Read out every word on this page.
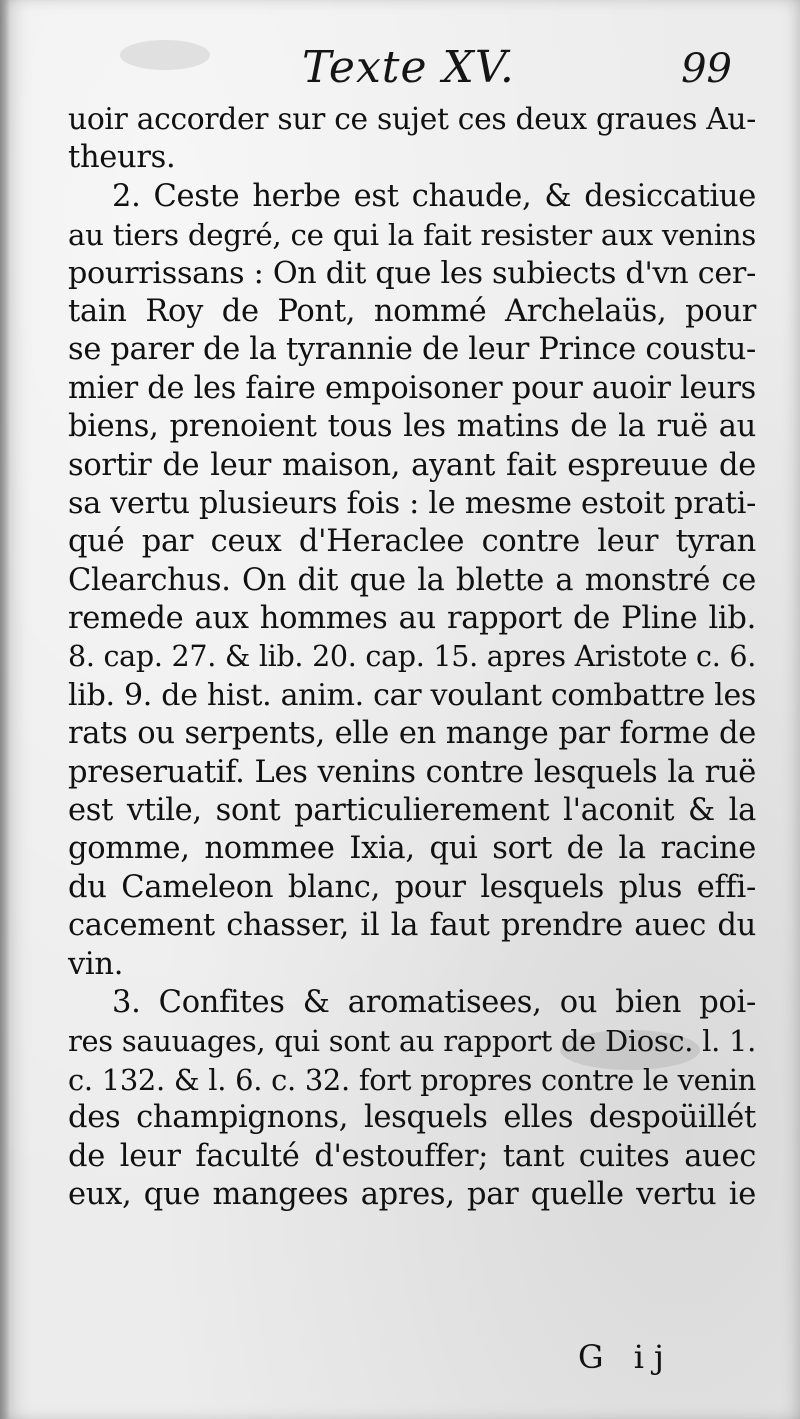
Texte XV.	99
uoir accorder sur ce sujet ces deux graues Au-
theurs.
2. Ceste herbe est chaude, & desiccatiue
au tiers degré, ce qui la fait resister aux venins
pourrissans : On dit que les subiects d'vn cer-
tain Roy de Pont, nommé Archelaüs, pour
se parer de la tyrannie de leur Prince coustu-
mier de les faire empoisoner pour auoir leurs
biens, prenoient tous les matins de la ruë au
sortir de leur maison, ayant fait espreuue de
sa vertu plusieurs fois : le mesme estoit prati-
qué par ceux d'Heraclee contre leur tyran
Clearchus. On dit que la blette a monstré ce
remede aux hommes au rapport de Pline lib.
8. cap. 27. & lib. 20. cap. 15. apres Aristote c. 6.
lib. 9. de hist. anim. car voulant combattre les
rats ou serpents, elle en mange par forme de
preseruatif. Les venins contre lesquels la ruë
est vtile, sont particulierement l'aconit & la
gomme, nommee Ixia, qui sort de la racine
du Cameleon blanc, pour lesquels plus effi-
cacement chasser, il la faut prendre auec du
vin.
3. Confites & aromatisees, ou bien poi-
res sauuages, qui sont au rapport de Diosc. l. 1.
c. 132. & l. 6. c. 32. fort propres contre le venin
des champignons, lesquels elles despoüillét
de leur faculté d'estouffer; tant cuites auec
eux, que mangees apres, par quelle vertu ie
G ij
